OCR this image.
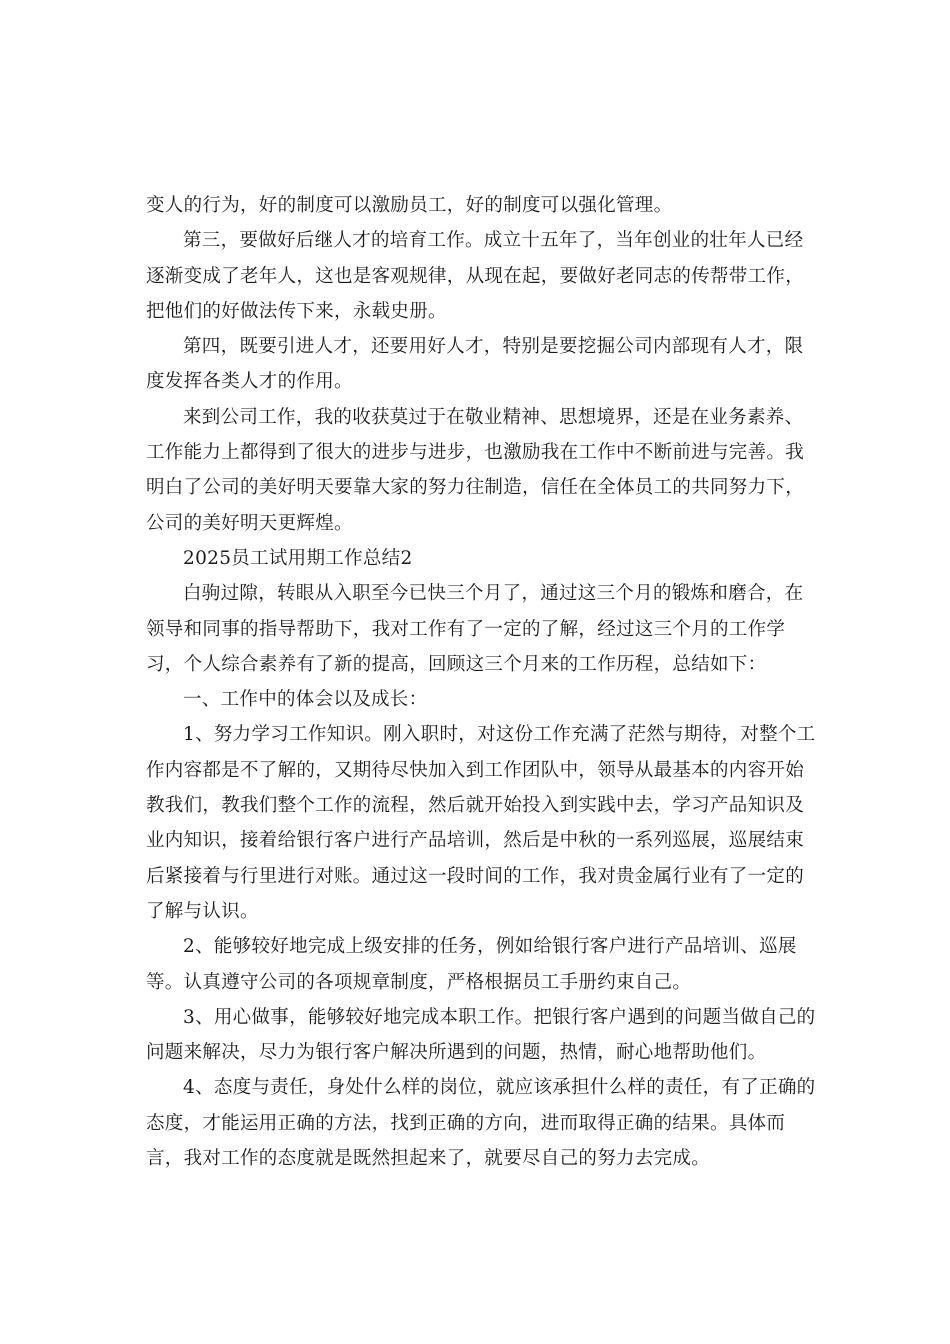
变人的行为，好的制度可以激励员工，好的制度可以强化管理。

第三，要做好后继人才的培育工作。成立十五年了，当年创业的壮年人已经逐渐变成了老年人，这也是客观规律，从现在起，要做好老同志的传帮带工作，把他们的好做法传下来，永载史册。

第四，既要引进人才，还要用好人才，特别是要挖掘公司内部现有人才，限度发挥各类人才的作用。

来到公司工作，我的收获莫过于在敬业精神、思想境界，还是在业务素养、工作能力上都得到了很大的进步与进步，也激励我在工作中不断前进与完善。我明白了公司的美好明天要靠大家的努力往制造，信任在全体员工的共同努力下，公司的美好明天更辉煌。

2025员工试用期工作总结2

白驹过隙，转眼从入职至今已快三个月了，通过这三个月的锻炼和磨合，在领导和同事的指导帮助下，我对工作有了一定的了解，经过这三个月的工作学习，个人综合素养有了新的提高，回顾这三个月来的工作历程，总结如下：

一、工作中的体会以及成长：

1、努力学习工作知识。刚入职时，对这份工作充满了茫然与期待，对整个工作内容都是不了解的，又期待尽快加入到工作团队中，领导从最基本的内容开始教我们，教我们整个工作的流程，然后就开始投入到实践中去，学习产品知识及业内知识，接着给银行客户进行产品培训，然后是中秋的一系列巡展，巡展结束后紧接着与行里进行对账。通过这一段时间的工作，我对贵金属行业有了一定的了解与认识。

2、能够较好地完成上级安排的任务，例如给银行客户进行产品培训、巡展等。认真遵守公司的各项规章制度，严格根据员工手册约束自己。

3、用心做事，能够较好地完成本职工作。把银行客户遇到的问题当做自己的问题来解决，尽力为银行客户解决所遇到的问题，热情，耐心地帮助他们。

4、态度与责任，身处什么样的岗位，就应该承担什么样的责任，有了正确的态度，才能运用正确的方法，找到正确的方向，进而取得正确的结果。具体而言，我对工作的态度就是既然担起来了，就要尽自己的努力去完成。
